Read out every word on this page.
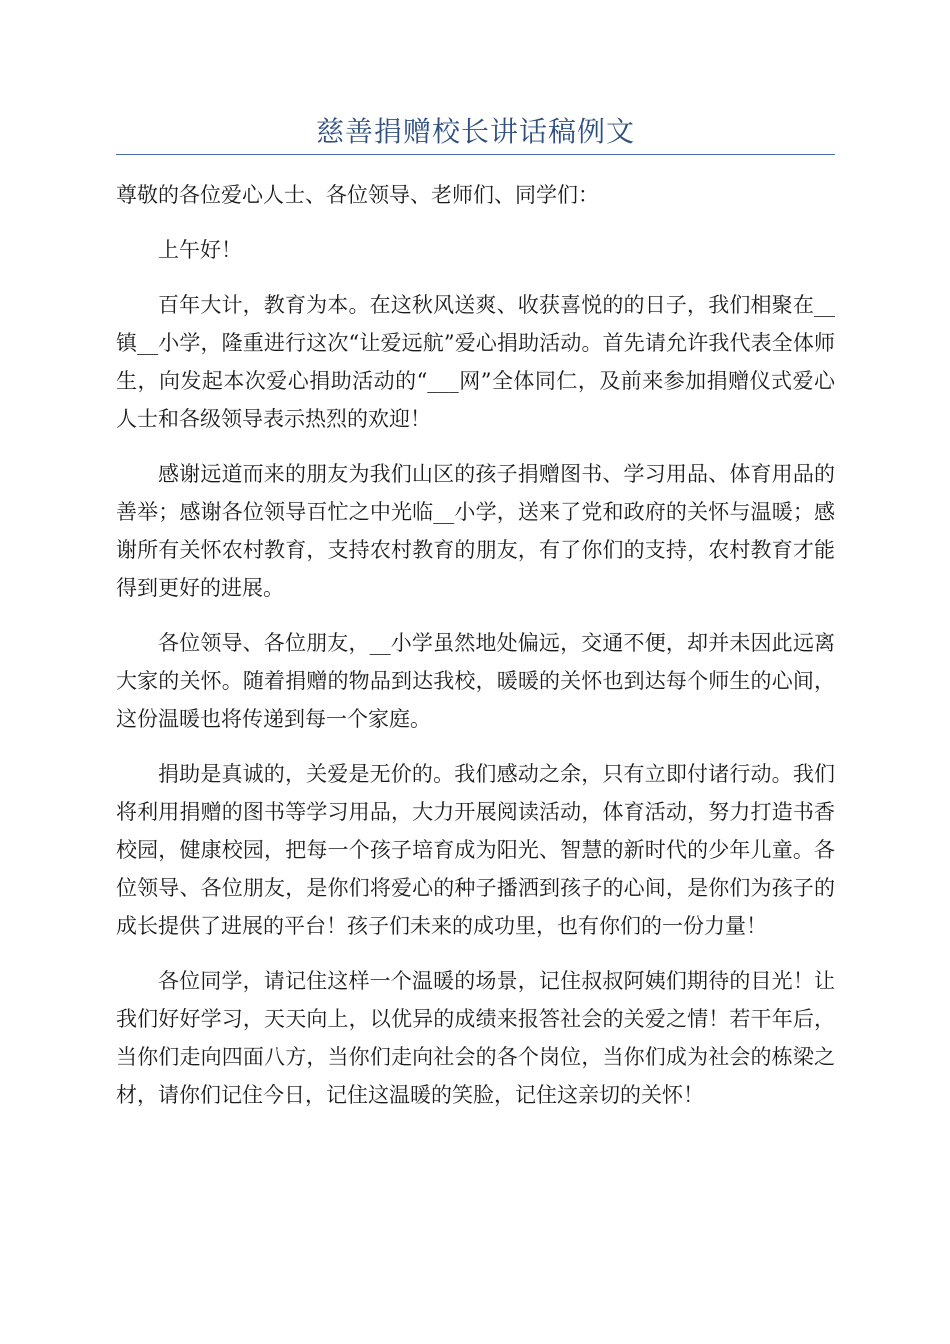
慈善捐赠校长讲话稿例文

尊敬的各位爱心人士、各位领导、老师们、同学们：

上午好！

百年大计，教育为本。在这秋风送爽、收获喜悦的的日子，我们相聚在__镇__小学，隆重进行这次“让爱远航”爱心捐助活动。首先请允许我代表全体师生，向发起本次爱心捐助活动的“___网”全体同仁，及前来参加捐赠仪式爱心人士和各级领导表示热烈的欢迎！

感谢远道而来的朋友为我们山区的孩子捐赠图书、学习用品、体育用品的善举；感谢各位领导百忙之中光临__小学，送来了党和政府的关怀与温暖；感谢所有关怀农村教育，支持农村教育的朋友，有了你们的支持，农村教育才能得到更好的进展。

各位领导、各位朋友，__小学虽然地处偏远，交通不便，却并未因此远离大家的关怀。随着捐赠的物品到达我校，暖暖的关怀也到达每个师生的心间，这份温暖也将传递到每一个家庭。

捐助是真诚的，关爱是无价的。我们感动之余，只有立即付诸行动。我们将利用捐赠的图书等学习用品，大力开展阅读活动，体育活动，努力打造书香校园，健康校园，把每一个孩子培育成为阳光、智慧的新时代的少年儿童。各位领导、各位朋友，是你们将爱心的种子播洒到孩子的心间，是你们为孩子的成长提供了进展的平台！孩子们未来的成功里，也有你们的一份力量！

各位同学，请记住这样一个温暖的场景，记住叔叔阿姨们期待的目光！让我们好好学习，天天向上，以优异的成绩来报答社会的关爱之情！若干年后，当你们走向四面八方，当你们走向社会的各个岗位，当你们成为社会的栋梁之材，请你们记住今日，记住这温暖的笑脸，记住这亲切的关怀！
